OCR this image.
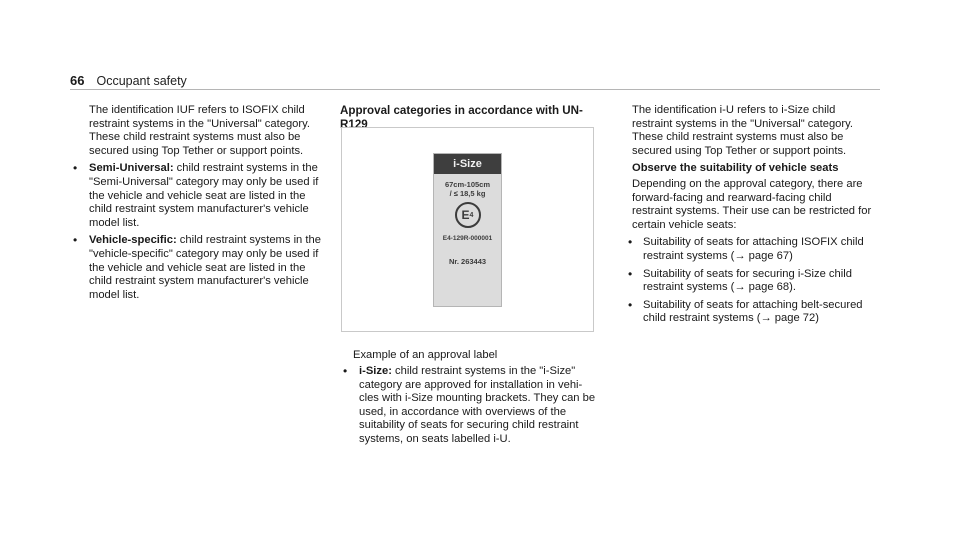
66 Occupant safety

The identification IUF refers to ISOFIX child restraint systems in the "Universal" category. These child restraint systems must also be secured using Top Tether or support points.

• Semi-Universal: child restraint systems in the "Semi-Universal" category may only be used if the vehicle and vehicle seat are listed in the child restraint system manufacturer's vehicle model list.
• Vehicle-specific: child restraint systems in the "vehicle-specific" category may only be used if the vehicle and vehicle seat are listed in the child restraint system manufacturer's vehicle model list.
Approval categories in accordance with UN-R129
i-Size
67cm-105cm
/ ≤ 18,5 kg
E 4
E4-129R-000001
Nr. 263443
Example of an approval label
• i-Size: child restraint systems in the "i-Size" category are approved for installation in vehi-cles with i-Size mounting brackets. They can be used, in accordance with overviews of the suitability of seats for securing child restraint systems, on seats labelled i-U.

The identification i-U refers to i-Size child restraint systems in the "Universal" category. These child restraint systems must also be secured using Top Tether or support points.

Observe the suitability of vehicle seats

Depending on the approval category, there are forward-facing and rearward-facing child restraint systems. Their use can be restricted for certain vehicle seats:

• Suitability of seats for attaching ISOFIX child restraint systems (→ page 67)
• Suitability of seats for securing i-Size child restraint systems (→ page 68).
• Suitability of seats for attaching belt-secured child restraint systems (→ page 72)
